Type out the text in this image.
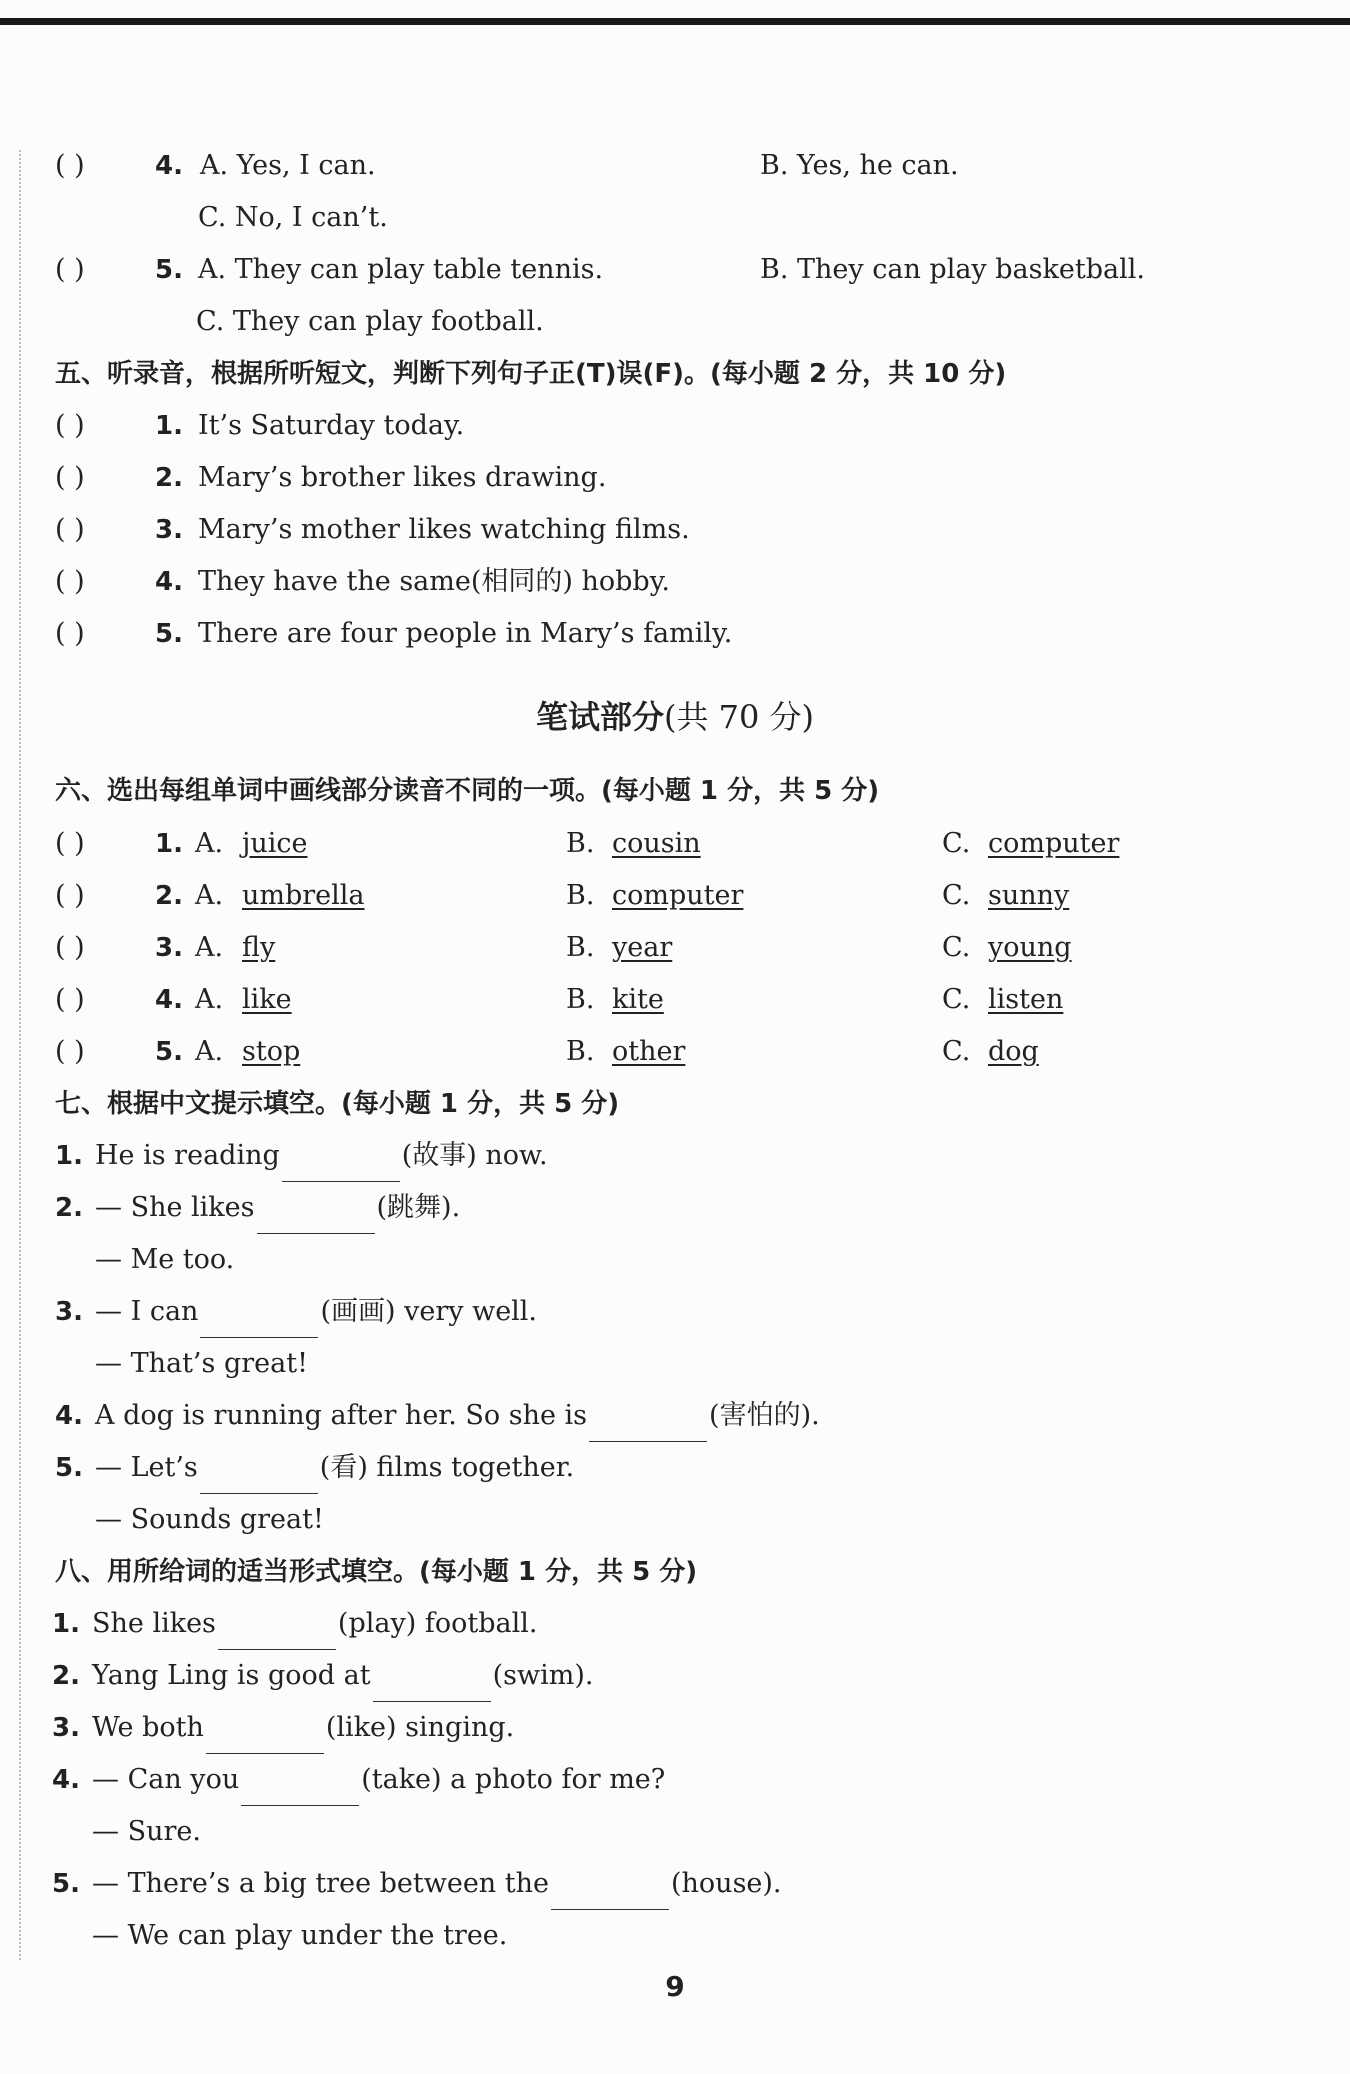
( )	4. A. Yes, I can.	B. Yes, he can.
C. No, I can’t.
( )	5. A. They can play table tennis.	B. They can play basketball.
C. They can play football.
五、听录音，根据所听短文，判断下列句子正(T)误(F)。(每小题 2 分，共 10 分)
( )	1. It’s Saturday today.
( )	2. Mary’s brother likes drawing.
( )	3. Mary’s mother likes watching films.
( )	4. They have the same(相同的) hobby.
( )	5. There are four people in Mary’s family.
笔试部分(共 70 分)
六、选出每组单词中画线部分读音不同的一项。(每小题 1 分，共 5 分)
( )	1. A. juice	B. cousin	C. computer
( )	2. A. umbrella	B. computer	C. sunny
( )	3. A. fly	B. year	C. young
( )	4. A. like	B. kite	C. listen
( )	5. A. stop	B. other	C. dog
七、根据中文提示填空。(每小题 1 分，共 5 分)
1. He is reading	(故事) now.
2. — She likes	(跳舞).
— Me too.
3. — I can	(画画) very well.
— That’s great!
4. A dog is running after her. So she is	(害怕的).
5. — Let’s	(看) films together.
— Sounds great!
八、用所给词的适当形式填空。(每小题 1 分，共 5 分)
1. She likes	(play) football.
2. Yang Ling is good at	(swim).
3. We both	(like) singing.
4. — Can you	(take) a photo for me?
— Sure.
5. — There’s a big tree between the	(house).
— We can play under the tree.
9
